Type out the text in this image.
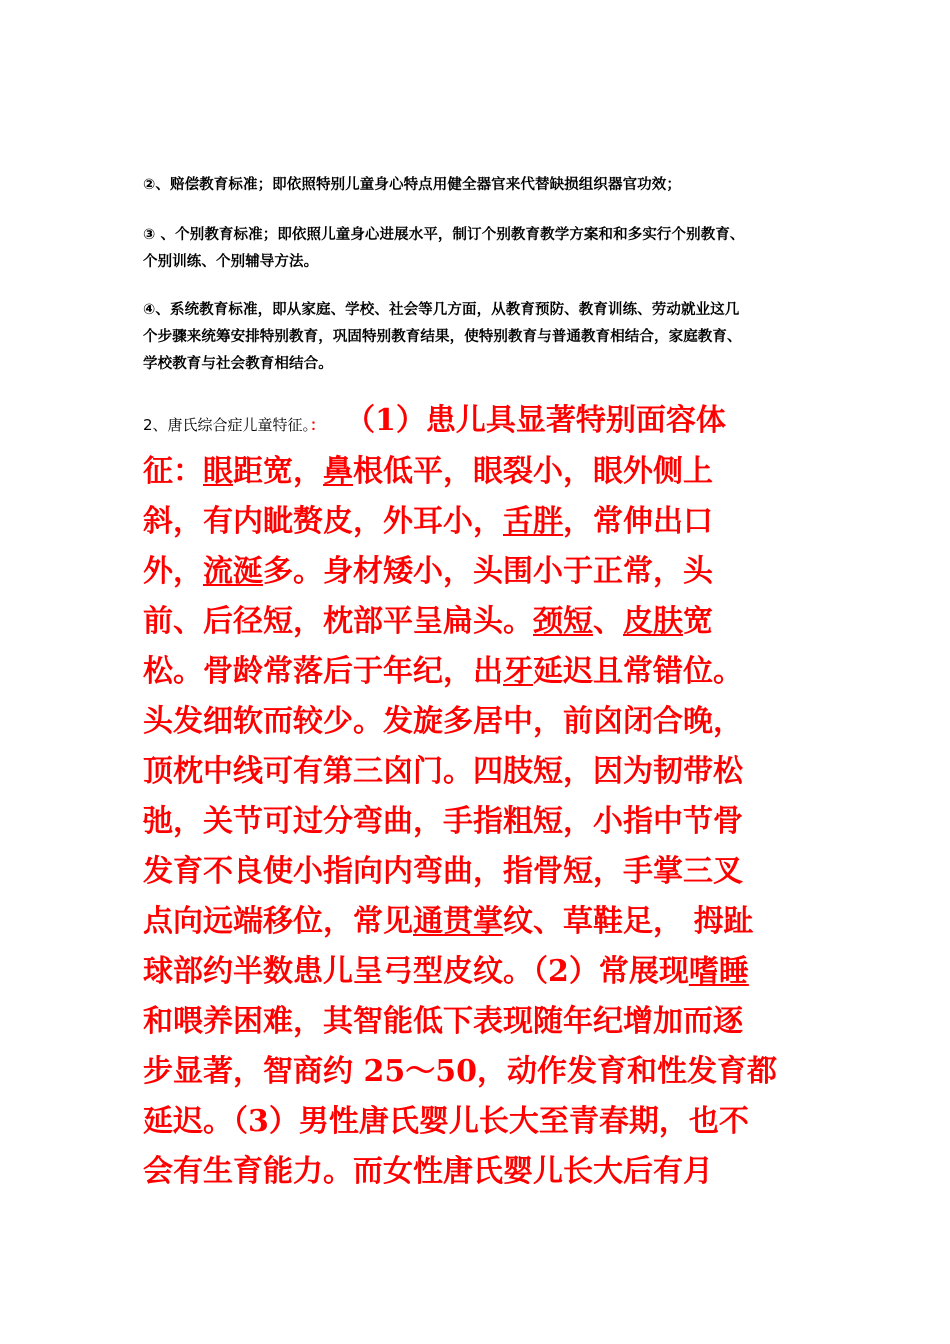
②、赔偿教育标准；即依照特别儿童身心特点用健全器官来代替缺损组织器官功效；
③ 、个别教育标准；即依照儿童身心进展水平，制订个别教育教学方案和和多实行个别教育、
个别训练、个别辅导方法。
④、系统教育标准，即从家庭、学校、社会等几方面，从教育预防、教育训练、劳动就业这几
个步骤来统筹安排特别教育，巩固特别教育结果，使特别教育与普通教育相结合，家庭教育、
学校教育与社会教育相结合。
2、唐氏综合症儿童特征。： （1）患儿具显著特别面容体
征：眼距宽，鼻根低平，眼裂小，眼外侧上
斜，有内眦赘皮，外耳小，舌胖，常伸出口
外，流涎多。身材矮小，头围小于正常，头
前、后径短，枕部平呈扁头。颈短、皮肤宽
松。骨龄常落后于年纪，出牙延迟且常错位。
头发细软而较少。发旋多居中，前囟闭合晚，
顶枕中线可有第三囟门。四肢短，因为韧带松
弛，关节可过分弯曲，手指粗短，小指中节骨
发育不良使小指向内弯曲，指骨短，手掌三叉
点向远端移位，常见通贯掌纹、草鞋足， 拇趾
球部约半数患儿呈弓型皮纹。（2）常展现嗜睡
和喂养困难，其智能低下表现随年纪增加而逐
步显著，智商约 25～50，动作发育和性发育都
延迟。（3）男性唐氏婴儿长大至青春期，也不
会有生育能力。而女性唐氏婴儿长大后有月
